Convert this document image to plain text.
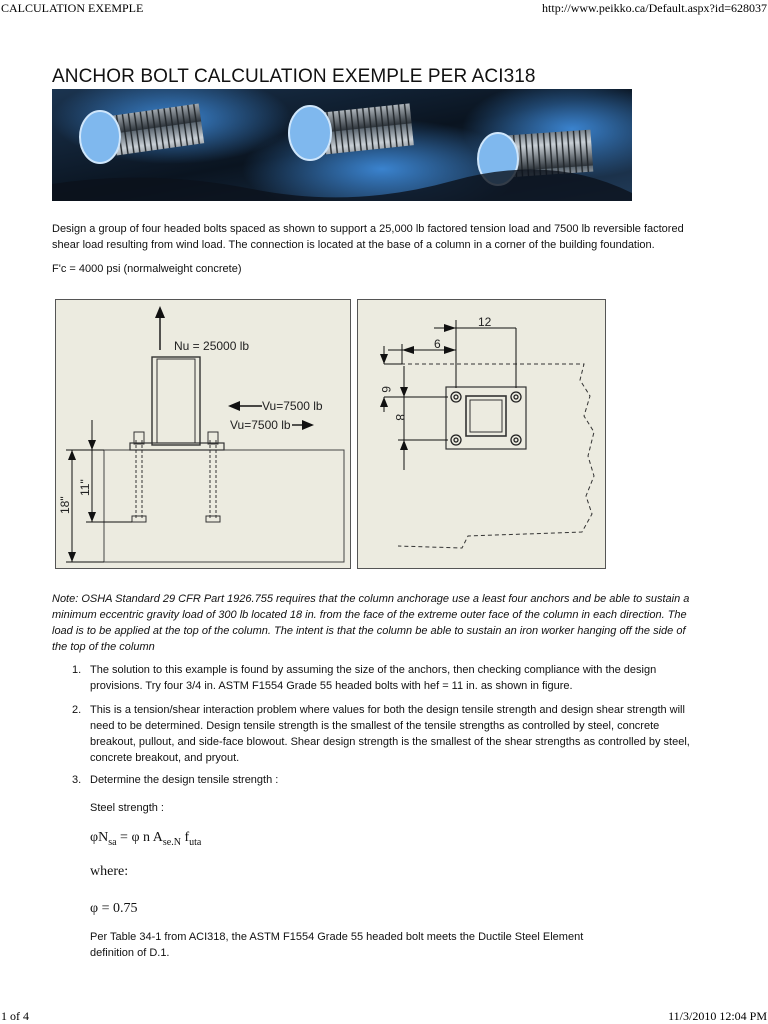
CALCULATION EXEMPLE	http://www.peikko.ca/Default.aspx?id=628037
ANCHOR BOLT CALCULATION EXEMPLE PER ACI318

Design a group of four headed bolts spaced as shown to support a 25,000 lb factored tension load and 7500 lb reversible factored
shear load resulting from wind load. The connection is located at the base of a column in a corner of the building foundation.

F'c = 4000 psi (normalweight concrete)

Nu = 25000 lb
Vu=7500 lb
Vu=7500 lb
18"
11"
12
6
6
8

Note: OSHA Standard 29 CFR Part 1926.755 requires that the column anchorage use a least four anchors and be able to sustain a
minimum eccentric gravity load of 300 lb located 18 in. from the face of the extreme outer face of the column in each direction. The
load is to be applied at the top of the column. The intent is that the column be able to sustain an iron worker hanging off the side of
the top of the column

1. The solution to this example is found by assuming the size of the anchors, then checking compliance with the design
provisions. Try four 3/4 in. ASTM F1554 Grade 55 headed bolts with hef = 11 in. as shown in figure.
2. This is a tension/shear interaction problem where values for both the design tensile strength and design shear strength will
need to be determined. Design tensile strength is the smallest of the tensile strengths as controlled by steel, concrete
breakout, pullout, and side-face blowout. Shear design strength is the smallest of the shear strengths as controlled by steel,
concrete breakout, and pryout.
3. Determine the design tensile strength :
Steel strength :
$\varphi N_{sa} = \varphi$ n $A_{se.N}$ $f_{uta}$
where:
φ = 0.75
Per Table 34-1 from ACI318, the ASTM F1554 Grade 55 headed bolt meets the Ductile Steel Element
definition of D.1.
1 of 4	11/3/2010 12:04 PM
